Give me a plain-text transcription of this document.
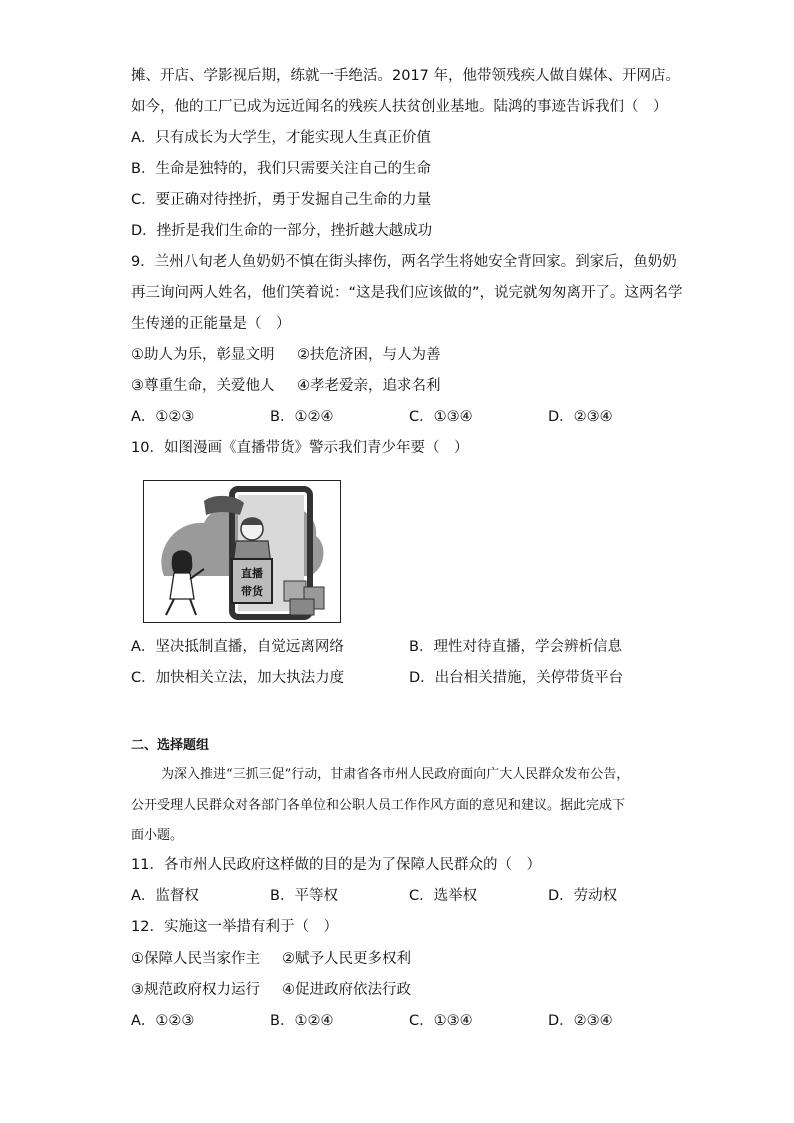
摊、开店、学影视后期，练就一手绝活。2017 年，他带领残疾人做自媒体、开网店。
如今，他的工厂已成为远近闻名的残疾人扶贫创业基地。陆鸿的事迹告诉我们（　）
A．只有成长为大学生，才能实现人生真正价值
B．生命是独特的，我们只需要关注自己的生命
C．要正确对待挫折，勇于发掘自己生命的力量
D．挫折是我们生命的一部分，挫折越大越成功
9．兰州八旬老人鱼奶奶不慎在街头摔伤，两名学生将她安全背回家。到家后，鱼奶奶
再三询问两人姓名，他们笑着说：“这是我们应该做的”，说完就匆匆离开了。这两名学
生传递的正能量是（　）
①助人为乐，彰显文明 ②扶危济困，与人为善
③尊重生命，关爱他人 ④孝老爱亲，追求名利
A．①②③	B．①②④	C．①③④	D．②③④
10．如图漫画《直播带货》警示我们青少年要（　）
直播
带货
A．坚决抵制直播，自觉远离网络	B．理性对待直播，学会辨析信息
C．加快相关立法，加大执法力度	D．出台相关措施，关停带货平台
二、选择题组
为深入推进“三抓三促”行动，甘肃省各市州人民政府面向广大人民群众发布公告，
公开受理人民群众对各部门各单位和公职人员工作作风方面的意见和建议。据此完成下
面小题。
11．各市州人民政府这样做的目的是为了保障人民群众的（　）
A．监督权	B．平等权	C．选举权	D．劳动权
12．实施这一举措有利于（　）
①保障人民当家作主 ②赋予人民更多权利
③规范政府权力运行 ④促进政府依法行政
A．①②③	B．①②④	C．①③④	D．②③④
